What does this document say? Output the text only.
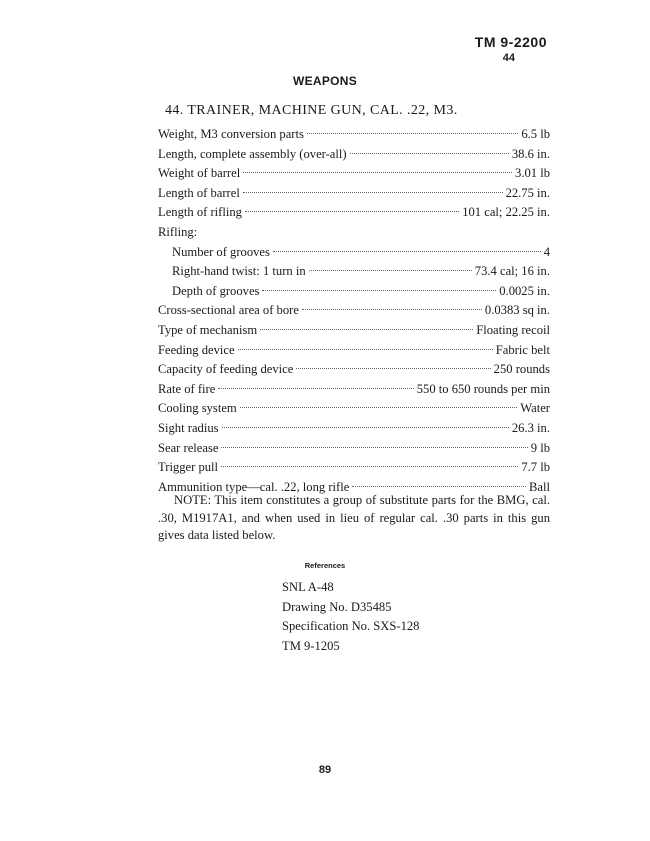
TM 9-2200
44
WEAPONS
44. TRAINER, MACHINE GUN, CAL. .22, M3.
Weight, M3 conversion parts	6.5 lb
Length, complete assembly (over-all)	38.6 in.
Weight of barrel	3.01 lb
Length of barrel	22.75 in.
Length of rifling	101 cal; 22.25 in.
Rifling:
Number of grooves	4
Right-hand twist: 1 turn in	73.4 cal; 16 in.
Depth of grooves	0.0025 in.
Cross-sectional area of bore	0.0383 sq in.
Type of mechanism	Floating recoil
Feeding device	Fabric belt
Capacity of feeding device	250 rounds
Rate of fire	550 to 650 rounds per min
Cooling system	Water
Sight radius	26.3 in.
Sear release	9 lb
Trigger pull	7.7 lb
Ammunition type—cal. .22, long rifle	Ball
NOTE: This item constitutes a group of substitute parts for the BMG, cal. .30, M1917A1, and when used in lieu of regular cal. .30 parts in this gun gives data listed below.
References
SNL A-48
Drawing No. D35485
Specification No. SXS-128
TM 9-1205
89
